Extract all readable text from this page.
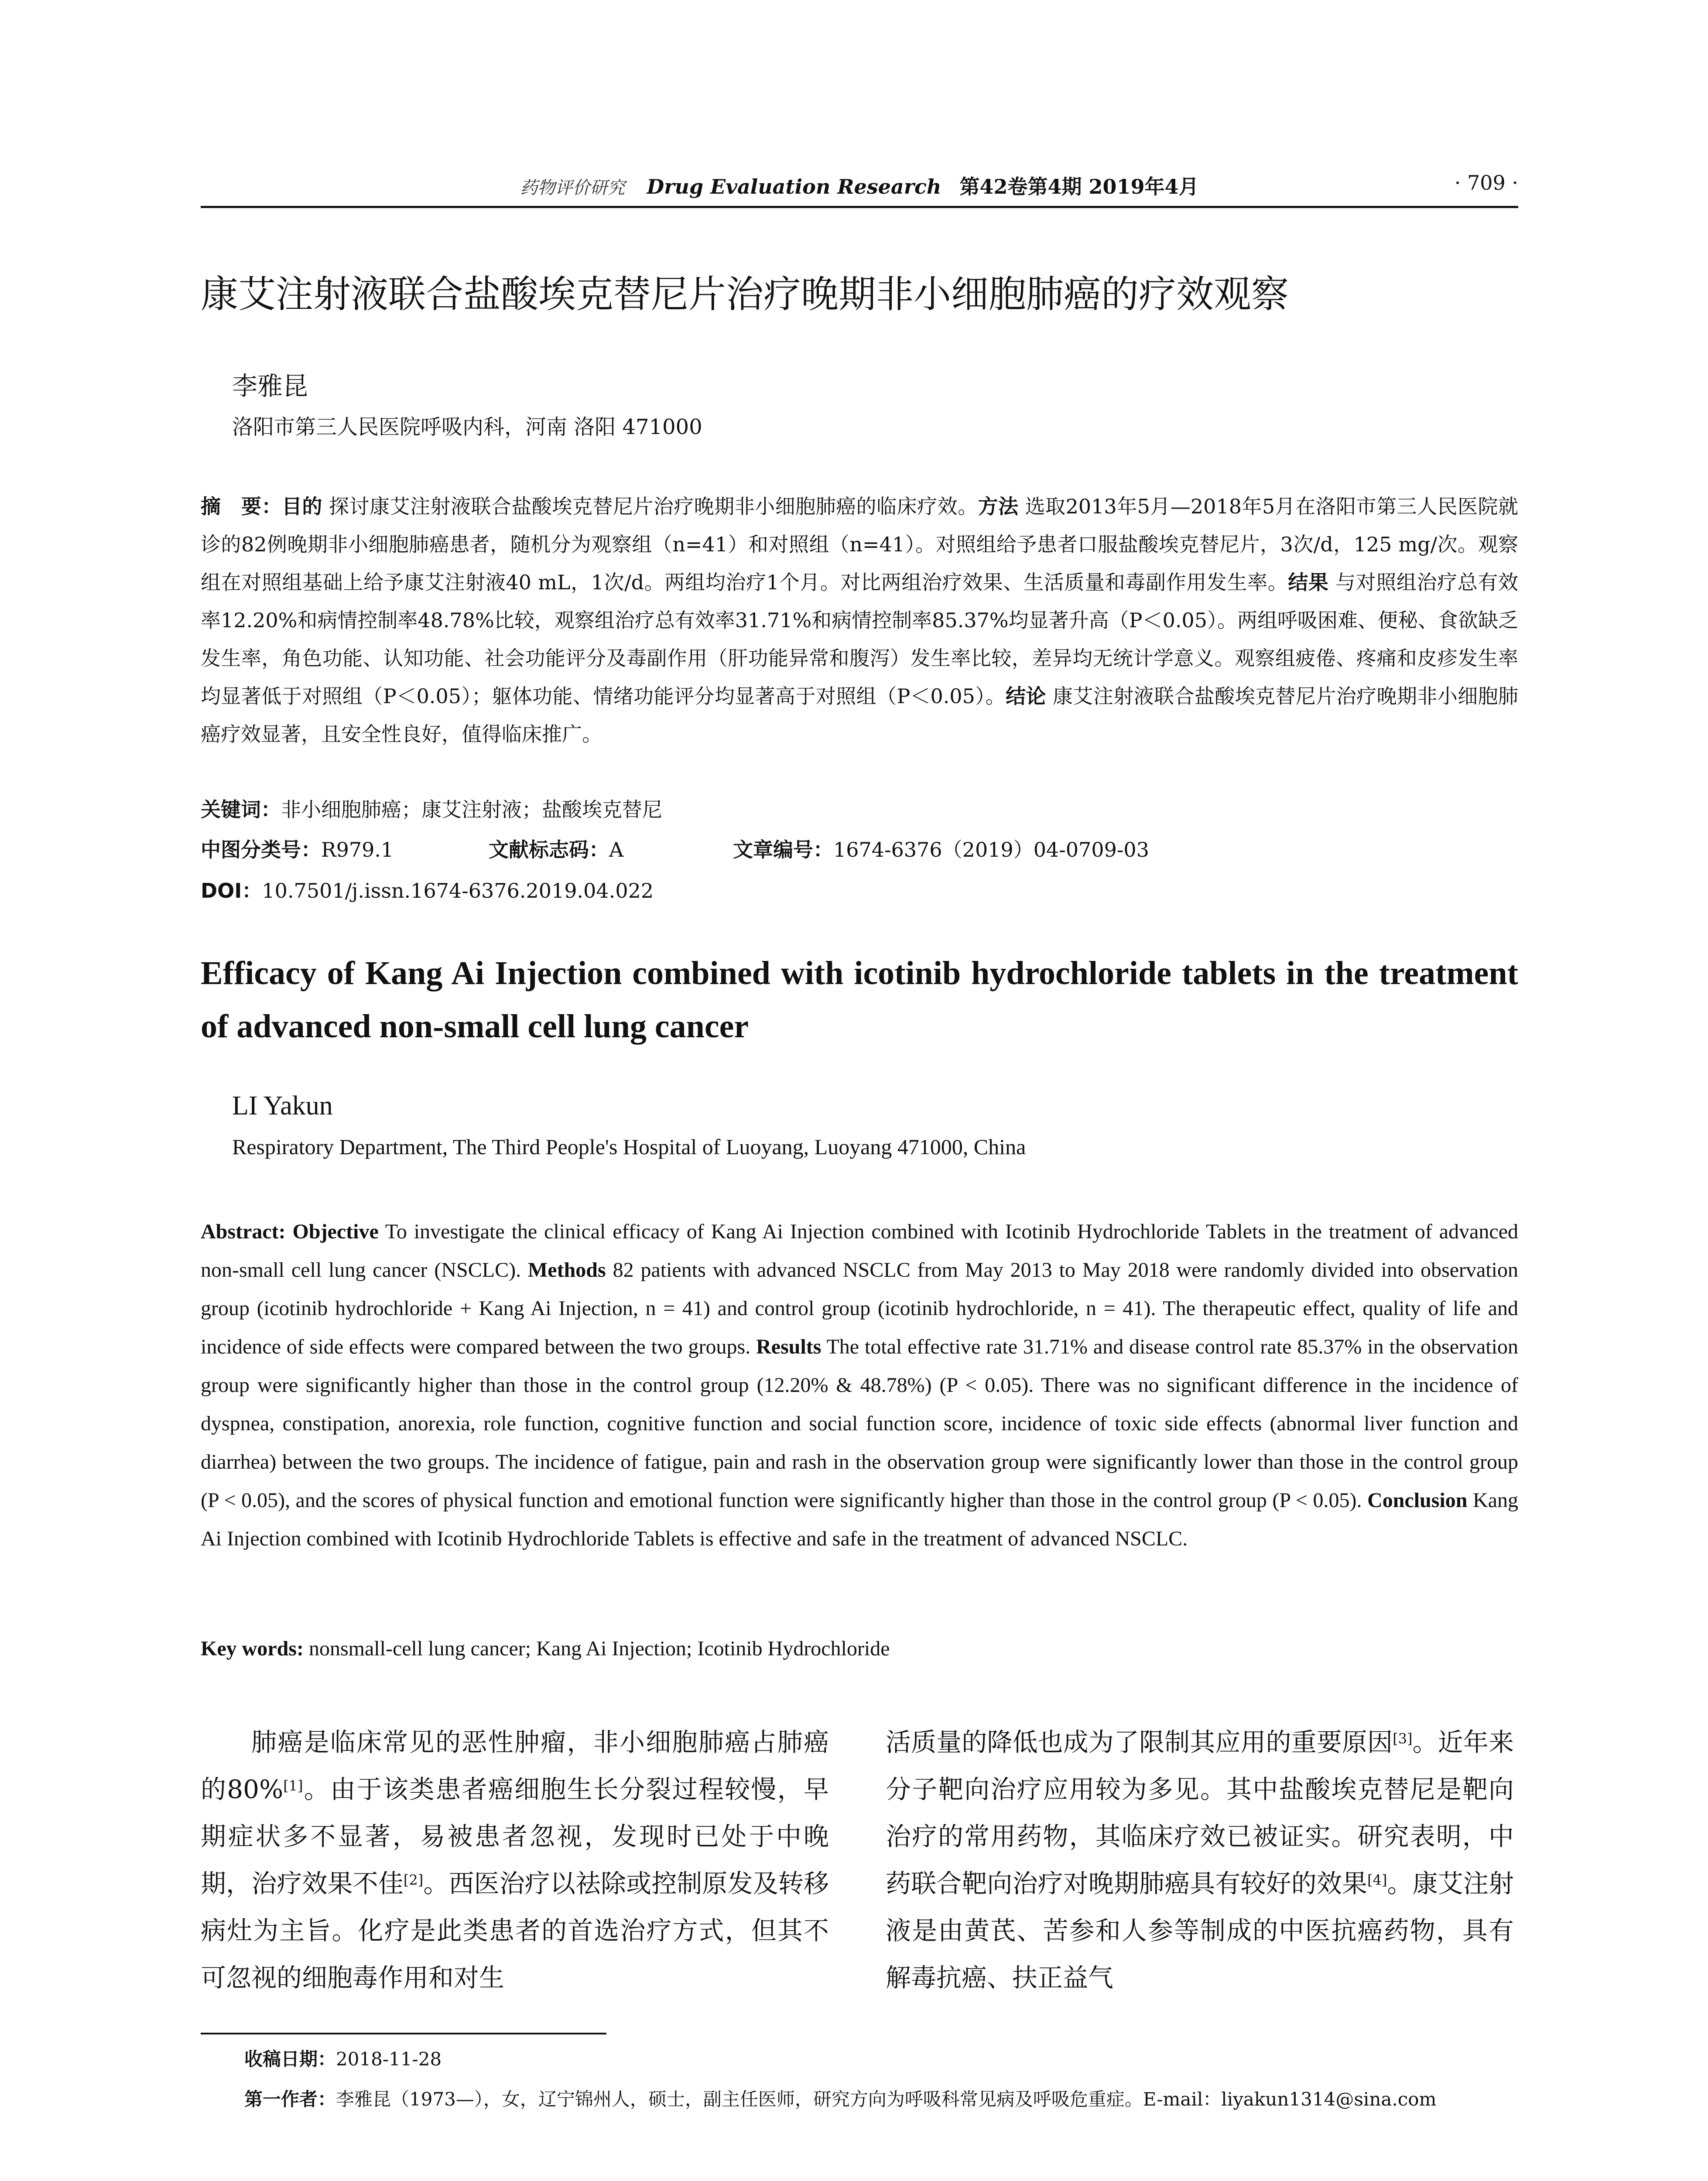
药物评价研究 Drug Evaluation Research 第42卷第4期 2019年4月	· 709 ·
康艾注射液联合盐酸埃克替尼片治疗晚期非小细胞肺癌的疗效观察
李雅昆
洛阳市第三人民医院呼吸内科，河南 洛阳 471000
摘　要：目的 探讨康艾注射液联合盐酸埃克替尼片治疗晚期非小细胞肺癌的临床疗效。方法 选取2013年5月—2018年5月在洛阳市第三人民医院就诊的82例晚期非小细胞肺癌患者，随机分为观察组（n=41）和对照组（n=41）。对照组给予患者口服盐酸埃克替尼片，3次/d，125 mg/次。观察组在对照组基础上给予康艾注射液40 mL，1次/d。两组均治疗1个月。对比两组治疗效果、生活质量和毒副作用发生率。结果 与对照组治疗总有效率12.20%和病情控制率48.78%比较，观察组治疗总有效率31.71%和病情控制率85.37%均显著升高（P＜0.05）。两组呼吸困难、便秘、食欲缺乏发生率，角色功能、认知功能、社会功能评分及毒副作用（肝功能异常和腹泻）发生率比较，差异均无统计学意义。观察组疲倦、疼痛和皮疹发生率均显著低于对照组（P＜0.05）；躯体功能、情绪功能评分均显著高于对照组（P＜0.05）。结论 康艾注射液联合盐酸埃克替尼片治疗晚期非小细胞肺癌疗效显著，且安全性良好，值得临床推广。
关键词：非小细胞肺癌；康艾注射液；盐酸埃克替尼
中图分类号：R979.1	文献标志码：A	文章编号：1674-6376（2019）04-0709-03
DOI：10.7501/j.issn.1674-6376.2019.04.022
Efficacy of Kang Ai Injection combined with icotinib hydrochloride tablets in the treatment of advanced non-small cell lung cancer
LI Yakun
Respiratory Department, The Third People's Hospital of Luoyang, Luoyang 471000, China
Abstract: Objective To investigate the clinical efficacy of Kang Ai Injection combined with Icotinib Hydrochloride Tablets in the treatment of advanced non-small cell lung cancer (NSCLC). Methods 82 patients with advanced NSCLC from May 2013 to May 2018 were randomly divided into observation group (icotinib hydrochloride + Kang Ai Injection, n = 41) and control group (icotinib hydrochloride, n = 41). The therapeutic effect, quality of life and incidence of side effects were compared between the two groups. Results The total effective rate 31.71% and disease control rate 85.37% in the observation group were significantly higher than those in the control group (12.20% & 48.78%) (P < 0.05). There was no significant difference in the incidence of dyspnea, constipation, anorexia, role function, cognitive function and social function score, incidence of toxic side effects (abnormal liver function and diarrhea) between the two groups. The incidence of fatigue, pain and rash in the observation group were significantly lower than those in the control group (P < 0.05), and the scores of physical function and emotional function were significantly higher than those in the control group (P < 0.05). Conclusion Kang Ai Injection combined with Icotinib Hydrochloride Tablets is effective and safe in the treatment of advanced NSCLC.
Key words: nonsmall-cell lung cancer; Kang Ai Injection; Icotinib Hydrochloride
肺癌是临床常见的恶性肿瘤，非小细胞肺癌占肺癌的80%[1]。由于该类患者癌细胞生长分裂过程较慢，早期症状多不显著，易被患者忽视，发现时已处于中晚期，治疗效果不佳[2]。西医治疗以祛除或控制原发及转移病灶为主旨。化疗是此类患者的首选治疗方式，但其不可忽视的细胞毒作用和对生
活质量的降低也成为了限制其应用的重要原因[3]。近年来分子靶向治疗应用较为多见。其中盐酸埃克替尼是靶向治疗的常用药物，其临床疗效已被证实。研究表明，中药联合靶向治疗对晚期肺癌具有较好的效果[4]。康艾注射液是由黄芪、苦参和人参等制成的中医抗癌药物，具有解毒抗癌、扶正益气
收稿日期：2018-11-28
第一作者：李雅昆（1973—），女，辽宁锦州人，硕士，副主任医师，研究方向为呼吸科常见病及呼吸危重症。E-mail：liyakun1314@sina.com
